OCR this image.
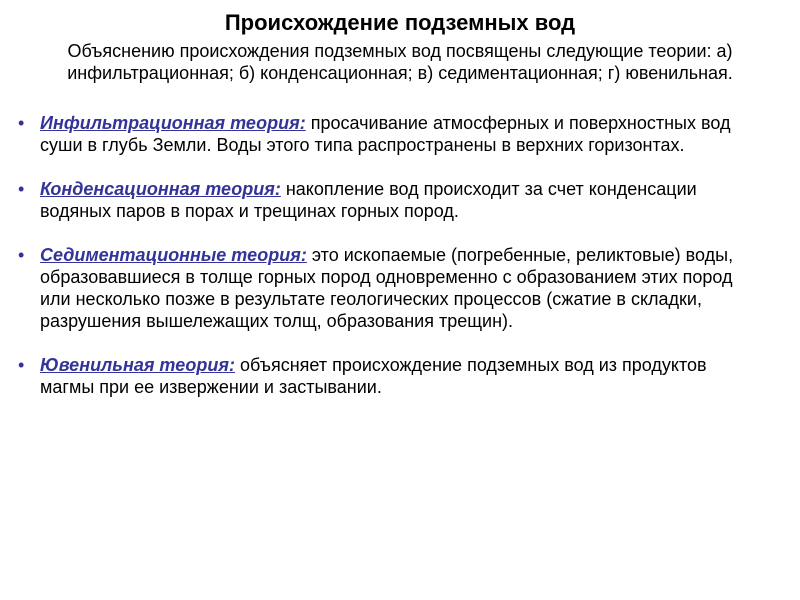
Происхождение подземных вод
Объяснению происхождения подземных вод посвящены следующие теории: а) инфильтрационная; б) конденсационная; в) седиментационная; г) ювенильная.
• Инфильтрационная теория: просачивание атмосферных и поверхностных вод суши в глубь Земли. Воды этого типа распространены в верхних горизонтах.
• Конденсационная теория: накопление вод происходит за счет конденсации водяных паров в порах и трещинах горных пород.
• Седиментационные теория: это ископаемые (погребенные, реликтовые) воды, образовавшиеся в толще горных пород одновременно с образованием этих пород или несколько позже в результате геологических процессов (сжатие в складки, разрушения вышележащих толщ, образования трещин).
• Ювенильная теория: объясняет происхождение подземных вод из продуктов магмы при ее извержении и застывании.
